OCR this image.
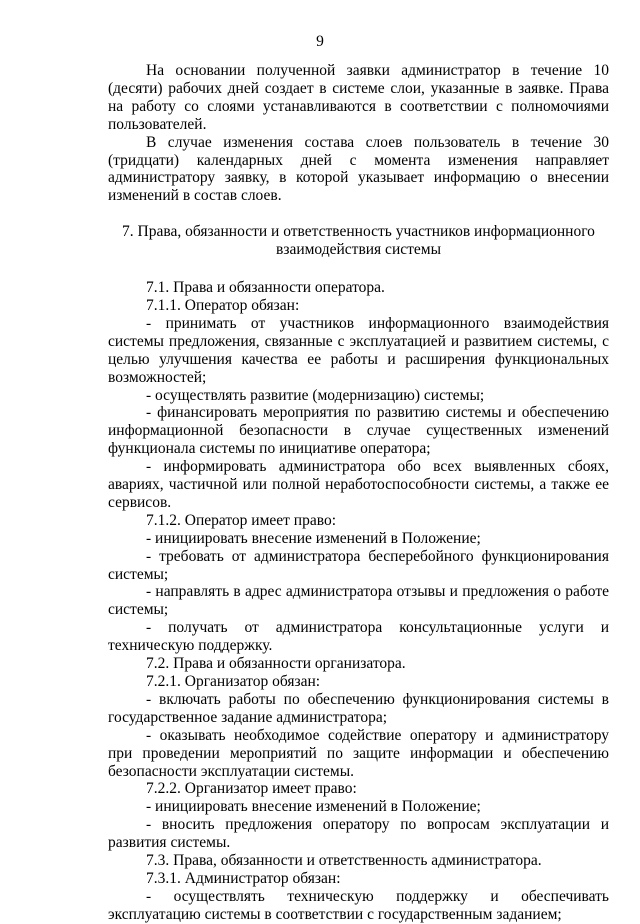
9

На основании полученной заявки администратор в течение 10 (десяти) рабочих дней создает в системе слои, указанные в заявке. Права на работу со слоями устанавливаются в соответствии с полномочиями пользователей.

В случае изменения состава слоев пользователь в течение 30 (тридцати) календарных дней с момента изменения направляет администратору заявку, в которой указывает информацию о внесении изменений в состав слоев.

7. Права, обязанности и ответственность участников информационного взаимодействия системы

7.1. Права и обязанности оператора.

7.1.1. Оператор обязан:

- принимать от участников информационного взаимодействия системы предложения, связанные с эксплуатацией и развитием системы, с целью улучшения качества ее работы и расширения функциональных возможностей;

- осуществлять развитие (модернизацию) системы;

- финансировать мероприятия по развитию системы и обеспечению информационной безопасности в случае существенных изменений функционала системы по инициативе оператора;

- информировать администратора обо всех выявленных сбоях, авариях, частичной или полной неработоспособности системы, а также ее сервисов.

7.1.2. Оператор имеет право:

- инициировать внесение изменений в Положение;

- требовать от администратора бесперебойного функционирования системы;

- направлять в адрес администратора отзывы и предложения о работе системы;

- получать от администратора консультационные услуги и техническую поддержку.

7.2. Права и обязанности организатора.

7.2.1. Организатор обязан:

- включать работы по обеспечению функционирования системы в государственное задание администратора;

- оказывать необходимое содействие оператору и администратору при проведении мероприятий по защите информации и обеспечению безопасности эксплуатации системы.

7.2.2. Организатор имеет право:

- инициировать внесение изменений в Положение;

- вносить предложения оператору по вопросам эксплуатации и развития системы.

7.3. Права, обязанности и ответственность администратора.

7.3.1. Администратор обязан:

- осуществлять техническую поддержку и обеспечивать эксплуатацию системы в соответствии с государственным заданием;
